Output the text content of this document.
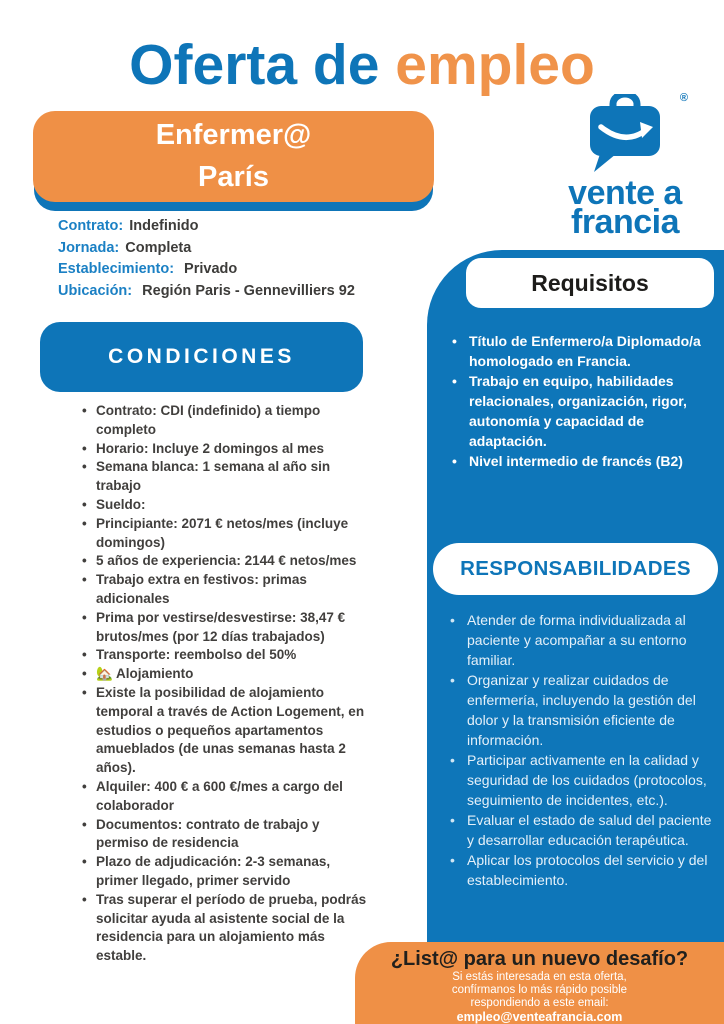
Oferta de empleo
Enfermer@
París
®
vente a
francia
Contrato: Indefinido
Jornada: Completa
Establecimiento: Privado
Ubicación: Región Paris - Gennevilliers 92
CONDICIONES
• Contrato: CDI (indefinido) a tiempo completo
• Horario: Incluye 2 domingos al mes
• Semana blanca: 1 semana al año sin trabajo
• Sueldo:
• Principiante: 2071 € netos/mes (incluye domingos)
• 5 años de experiencia: 2144 € netos/mes
• Trabajo extra en festivos: primas adicionales
• Prima por vestirse/desvestirse: 38,47 € brutos/mes (por 12 días trabajados)
• Transporte: reembolso del 50%
• 🏡 Alojamiento
• Existe la posibilidad de alojamiento temporal a través de Action Logement, en estudios o pequeños apartamentos amueblados (de unas semanas hasta 2 años).
• Alquiler: 400 € a 600 €/mes a cargo del colaborador
• Documentos: contrato de trabajo y permiso de residencia
• Plazo de adjudicación: 2-3 semanas, primer llegado, primer servido
• Tras superar el período de prueba, podrás solicitar ayuda al asistente social de la residencia para un alojamiento más estable.
Requisitos
• Título de Enfermero/a Diplomado/a homologado en Francia.
• Trabajo en equipo, habilidades relacionales, organización, rigor, autonomía y capacidad de adaptación.
• Nivel intermedio de francés (B2)
RESPONSABILIDADES
• Atender de forma individualizada al paciente y acompañar a su entorno familiar.
• Organizar y realizar cuidados de enfermería, incluyendo la gestión del dolor y la transmisión eficiente de información.
• Participar activamente en la calidad y seguridad de los cuidados (protocolos, seguimiento de incidentes, etc.).
• Evaluar el estado de salud del paciente y desarrollar educación terapéutica.
• Aplicar los protocolos del servicio y del establecimiento.
¿List@ para un nuevo desafío?
Si estás interesada en esta oferta,
confírmanos lo más rápido posible
respondiendo a este email:
empleo@venteafrancia.com
